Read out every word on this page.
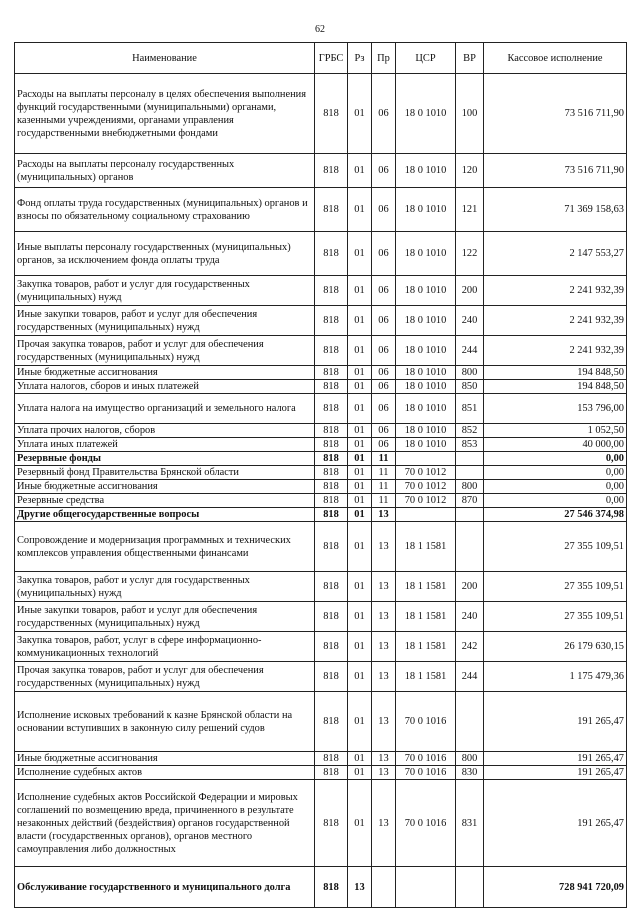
62
Наименование	ГРБС	Рз	Пр	ЦСР	ВР	Кассовое исполнение
Расходы на выплаты персоналу в целях обеспечения выполнения функций государственными (муниципальными) органами, казенными учреждениями, органами управления государственными внебюджетными фондами	818	01	06	18 0 1010	100	73 516 711,90
Расходы на выплаты персоналу государственных (муниципальных) органов	818	01	06	18 0 1010	120	73 516 711,90
Фонд оплаты труда государственных (муниципальных) органов и взносы по обязательному социальному страхованию	818	01	06	18 0 1010	121	71 369 158,63
Иные выплаты персоналу государственных (муниципальных) органов, за исключением фонда оплаты труда	818	01	06	18 0 1010	122	2 147 553,27
Закупка товаров, работ и услуг для государственных (муниципальных) нужд	818	01	06	18 0 1010	200	2 241 932,39
Иные закупки товаров, работ и услуг для обеспечения государственных (муниципальных) нужд	818	01	06	18 0 1010	240	2 241 932,39
Прочая закупка товаров, работ и услуг для обеспечения государственных (муниципальных) нужд	818	01	06	18 0 1010	244	2 241 932,39
Иные бюджетные ассигнования	818	01	06	18 0 1010	800	194 848,50
Уплата налогов, сборов и иных платежей	818	01	06	18 0 1010	850	194 848,50
Уплата налога на имущество организаций и земельного налога	818	01	06	18 0 1010	851	153 796,00
Уплата прочих налогов, сборов	818	01	06	18 0 1010	852	1 052,50
Уплата иных платежей	818	01	06	18 0 1010	853	40 000,00
Резервные фонды	818	01	11			0,00
Резервный фонд Правительства Брянской области	818	01	11	70 0 1012		0,00
Иные бюджетные ассигнования	818	01	11	70 0 1012	800	0,00
Резервные средства	818	01	11	70 0 1012	870	0,00
Другие общегосударственные вопросы	818	01	13			27 546 374,98
Сопровождение и модернизация программных и технических комплексов управления общественными финансами	818	01	13	18 1 1581		27 355 109,51
Закупка товаров, работ и услуг для государственных (муниципальных) нужд	818	01	13	18 1 1581	200	27 355 109,51
Иные закупки товаров, работ и услуг для обеспечения государственных (муниципальных) нужд	818	01	13	18 1 1581	240	27 355 109,51
Закупка товаров, работ, услуг в сфере информационно-коммуникационных технологий	818	01	13	18 1 1581	242	26 179 630,15
Прочая закупка товаров, работ и услуг для обеспечения государственных (муниципальных) нужд	818	01	13	18 1 1581	244	1 175 479,36
Исполнение исковых требований к казне Брянской области на основании вступивших в законную силу решений судов	818	01	13	70 0 1016		191 265,47
Иные бюджетные ассигнования	818	01	13	70 0 1016	800	191 265,47
Исполнение судебных актов	818	01	13	70 0 1016	830	191 265,47
Исполнение судебных актов Российской Федерации и мировых соглашений по возмещению вреда, причиненного в результате незаконных действий (бездействия) органов государственной власти (государственных органов), органов местного самоуправления либо должностных	818	01	13	70 0 1016	831	191 265,47
Обслуживание государственного и муниципального долга	818	13				728 941 720,09
